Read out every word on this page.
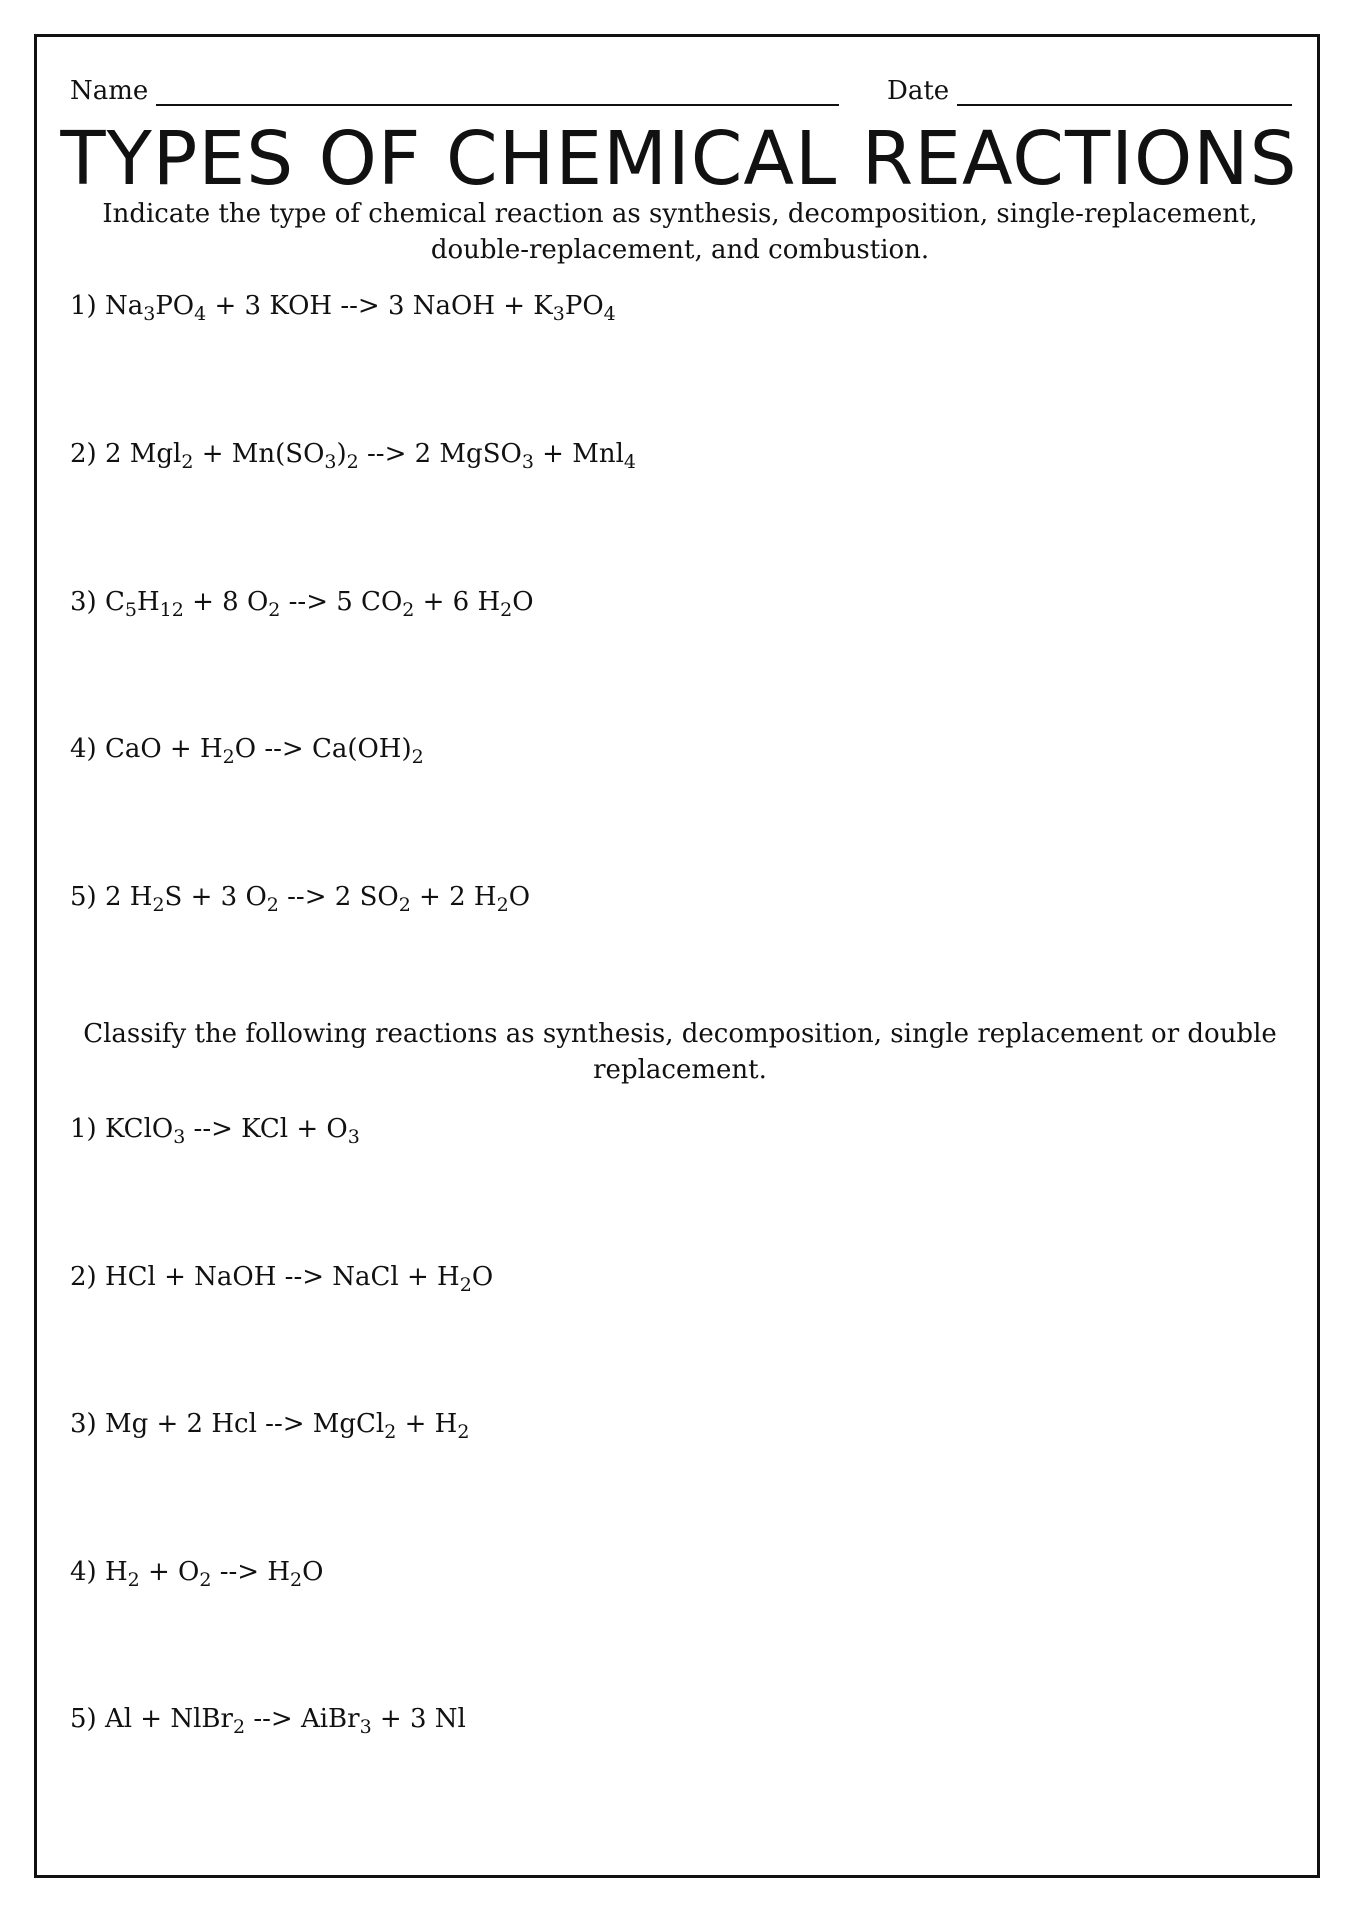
Name	Date
TYPES OF CHEMICAL REACTIONS
Indicate the type of chemical reaction as synthesis, decomposition, single-replacement,
double-replacement, and combustion.
1) $Na_3PO_4 + 3$ KOH --> 3 NaOH + $K_3PO_4$
2) 2 $Mgl_2 + Mn(SO_3)_2$ --> 2 MgSO$_3$ + Mnl$_4$
3) $C_5H_{12} + 8$ $O_2$ --> 5 $CO_2 + 6$ $H_2O$
4) CaO + $H_2O$ --> $Ca(OH)_2$
5) 2 $H_2S + 3$ $O_2$ --> 2 $SO_2 + 2$ $H_2O$
Classify the following reactions as synthesis, decomposition, single replacement or double
replacement.
1) KClO$_3$ --> KCl + $O_3$
2) HCl + NaOH --> NaCl + $H_2O$
3) Mg + 2 Hcl --> MgCl$_2$ + $H_2$
4) $H_2 + O_2$ --> $H_2O$
5) Al + NlBr$_2$ --> AiBr$_3$ + 3 Nl
